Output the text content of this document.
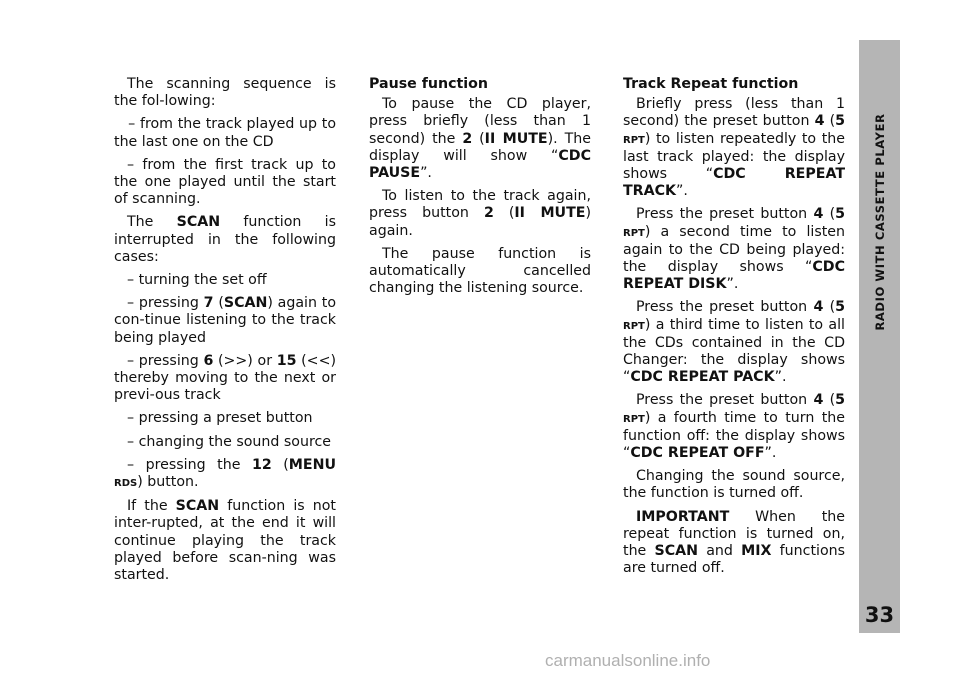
The scanning sequence is the fol-lowing:

– from the track played up to the last one on the CD

– from the first track up to the one played until the start of scanning.

The SCAN function is interrupted in the following cases:

– turning the set off

– pressing 7 (SCAN) again to con-tinue listening to the track being played

– pressing 6 (>>) or 15 (<<) thereby moving to the next or previ-ous track

– pressing a preset button

– changing the sound source

– pressing the 12 (MENU RDS) button.

If the SCAN function is not inter-rupted, at the end it will continue playing the track played before scan-ning was started.

Pause function

To pause the CD player, press briefly (less than 1 second) the 2 (II MUTE). The display will show “CDC PAUSE”.

To listen to the track again, press button 2 (II MUTE) again.

The pause function is automatically cancelled changing the listening source.

Track Repeat function

Briefly press (less than 1 second) the preset button 4 (5 RPT) to listen repeatedly to the last track played: the display shows “CDC REPEAT TRACK”.

Press the preset button 4 (5 RPT) a second time to listen again to the CD being played: the display shows “CDC REPEAT DISK”.

Press the preset button 4 (5 RPT) a third time to listen to all the CDs contained in the CD Changer: the display shows “CDC REPEAT PACK”.

Press the preset button 4 (5 RPT) a fourth time to turn the function off: the display shows “CDC REPEAT OFF”.

Changing the sound source, the function is turned off.

IMPORTANT When the repeat function is turned on, the SCAN and MIX functions are turned off.

RADIO WITH CASSETTE PLAYER
33
carmanualsonline.info
